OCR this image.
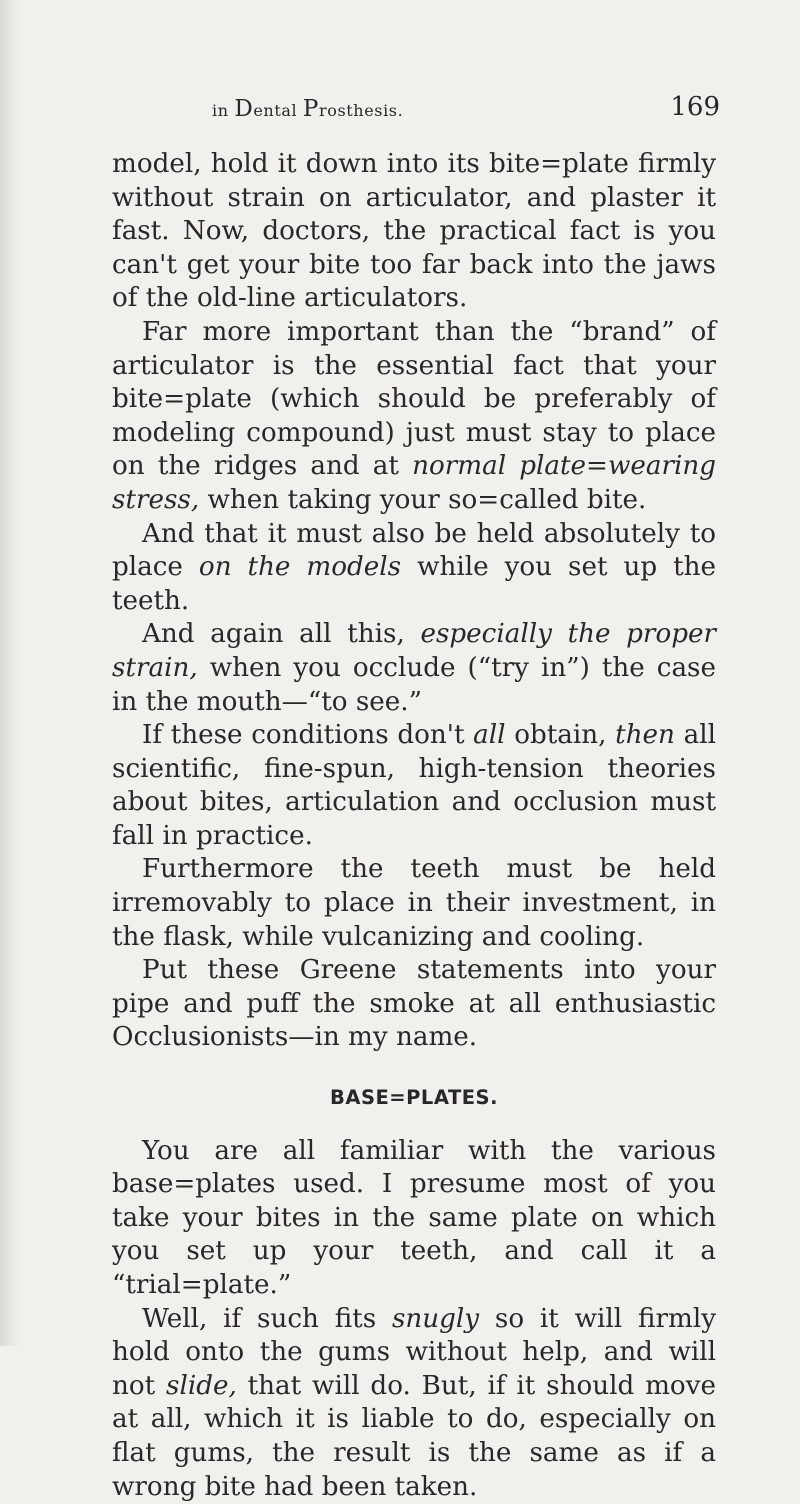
in Dental Prosthesis.	169

model, hold it down into its bite=plate firmly without strain on articulator, and plaster it fast. Now, doctors, the practical fact is you can't get your bite too far back into the jaws of the old-line articulators.

Far more important than the “brand” of articulator is the essential fact that your bite=plate (which should be preferably of modeling compound) just must stay to place on the ridges and at normal plate=wearing stress, when taking your so=called bite.

And that it must also be held absolutely to place on the models while you set up the teeth.

And again all this, especially the proper strain, when you occlude (“try in”) the case in the mouth—“to see.”

If these conditions don't all obtain, then all scientific, fine-spun, high-tension theories about bites, articulation and occlusion must fall in practice.

Furthermore the teeth must be held irremovably to place in their investment, in the flask, while vulcanizing and cooling.

Put these Greene statements into your pipe and puff the smoke at all enthusiastic Occlusionists—in my name.

BASE=PLATES.

You are all familiar with the various base=plates used. I presume most of you take your bites in the same plate on which you set up your teeth, and call it a “trial=plate.”

Well, if such fits snugly so it will firmly hold onto the gums without help, and will not slide, that will do. But, if it should move at all, which it is liable to do, especially on flat gums, the result is the same as if a wrong bite had been taken.
